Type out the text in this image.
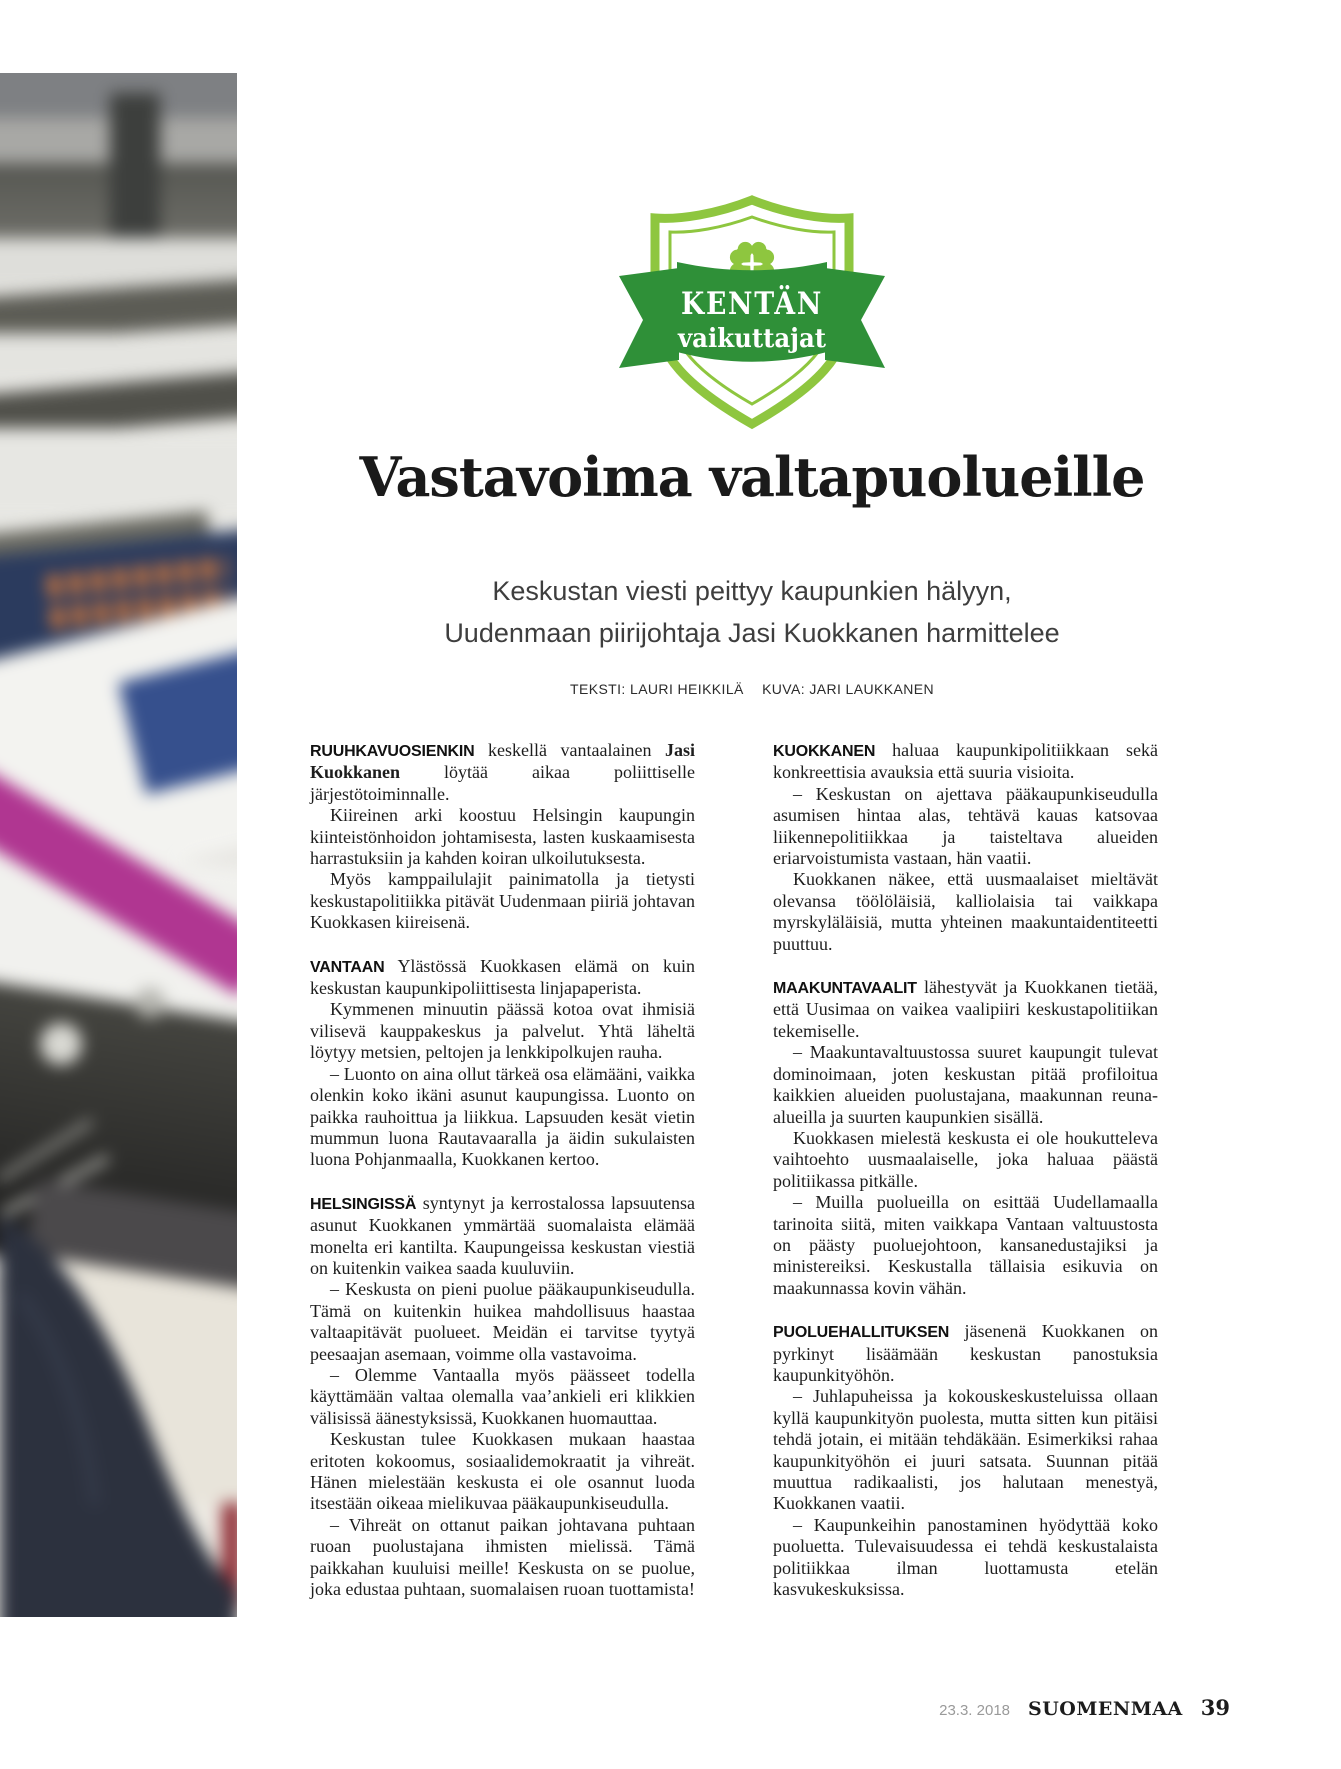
KENTÄN
vaikuttajat
Vastavoima valtapuolueille

Keskustan viesti peittyy kaupunkien hälyyn,
Uudenmaan piirijohtaja Jasi Kuokkanen harmittelee

TEKSTI: LAURI HEIKKILÄ KUVA: JARI LAUKKANEN

RUUHKAVUOSIENKIN keskellä vantaalainen Jasi Kuokkanen löytää aikaa poliittiselle järjestötoiminnalle.

Kiireinen arki koostuu Helsingin kaupungin kiinteistönhoidon johtamisesta, lasten kuskaamisesta harrastuksiin ja kahden koiran ulkoilutuksesta.

Myös kamppailulajit painimatolla ja tietysti keskustapolitiikka pitävät Uudenmaan piiriä johtavan Kuokkasen kiireisenä.

VANTAAN Ylästössä Kuokkasen elämä on kuin keskustan kaupunkipoliittisesta linjapaperista.

Kymmenen minuutin päässä kotoa ovat ihmisiä vilisevä kauppakeskus ja palvelut. Yhtä läheltä löytyy metsien, peltojen ja lenkkipolkujen rauha.

– Luonto on aina ollut tärkeä osa elämääni, vaikka olenkin koko ikäni asunut kaupungissa. Luonto on paikka rauhoittua ja liikkua. Lapsuuden kesät vietin mummun luona Rautavaaralla ja äidin sukulaisten luona Pohjanmaalla, Kuokkanen kertoo.

HELSINGISSÄ syntynyt ja kerrostalossa lapsuutensa asunut Kuokkanen ymmärtää suomalaista elämää monelta eri kantilta. Kaupungeissa keskustan viestiä on kuitenkin vaikea saada kuuluviin.

– Keskusta on pieni puolue pääkaupunkiseudulla. Tämä on kuitenkin huikea mahdollisuus haastaa valtaapitävät puolueet. Meidän ei tarvitse tyytyä peesaajan asemaan, voimme olla vastavoima.

– Olemme Vantaalla myös päässeet todella käyttämään valtaa olemalla vaa’ankieli eri klikkien välisissä äänestyksissä, Kuokkanen huomauttaa.

Keskustan tulee Kuokkasen mukaan haastaa eritoten kokoomus, sosiaalidemokraatit ja vihreät. Hänen mielestään keskusta ei ole osannut luoda itsestään oikeaa mielikuvaa pääkaupunkiseudulla.

– Vihreät on ottanut paikan johtavana puhtaan ruoan puolustajana ihmisten mielissä. Tämä paikkahan kuuluisi meille! Keskusta on se puolue, joka edustaa puhtaan, suomalaisen ruoan tuottamista!

KUOKKANEN haluaa kaupunkipolitiikkaan sekä konkreettisia avauksia että suuria visioita.

– Keskustan on ajettava pääkaupunkiseudulla asumisen hintaa alas, tehtävä kauas katsovaa liikennepolitiikkaa ja taisteltava alueiden eriarvoistumista vastaan, hän vaatii.

Kuokkanen näkee, että uusmaalaiset mieltävät olevansa töölöläisiä, kalliolaisia tai vaikkapa myrskyläläisiä, mutta yhteinen maakuntaidentiteetti puuttuu.

MAAKUNTAVAALIT lähestyvät ja Kuokkanen tietää, että Uusimaa on vaikea vaalipiiri keskustapolitiikan tekemiselle.

– Maakuntavaltuustossa suuret kaupungit tulevat dominoimaan, joten keskustan pitää profiloitua kaikkien alueiden puolustajana, maakunnan reuna-alueilla ja suurten kaupunkien sisällä.

Kuokkasen mielestä keskusta ei ole houkutteleva vaihtoehto uusmaalaiselle, joka haluaa päästä politiikassa pitkälle.

– Muilla puolueilla on esittää Uudellamaalla tarinoita siitä, miten vaikkapa Vantaan valtuustosta on päästy puoluejohtoon, kansanedustajiksi ja ministereiksi. Keskustalla tällaisia esikuvia on maakunnassa kovin vähän.

PUOLUEHALLITUKSEN jäsenenä Kuokkanen on pyrkinyt lisäämään keskustan panostuksia kaupunkityöhön.

– Juhlapuheissa ja kokouskeskusteluissa ollaan kyllä kaupunkityön puolesta, mutta sitten kun pitäisi tehdä jotain, ei mitään tehdäkään. Esimerkiksi rahaa kaupunkityöhön ei juuri satsata. Suunnan pitää muuttua radikaalisti, jos halutaan menestyä, Kuokkanen vaatii.

– Kaupunkeihin panostaminen hyödyttää koko puoluetta. Tulevaisuudessa ei tehdä keskustalaista politiikkaa ilman luottamusta etelän kasvukeskuksissa.

23.3. 2018 SUOMENMAA 39
